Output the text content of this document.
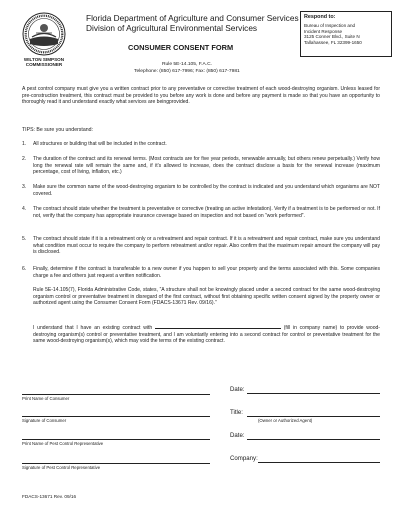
WILTON SIMPSON
COMMISSIONER
Florida Department of Agriculture and Consumer Services
Division of Agricultural Environmental Services
Respond to:
Bureau of Inspection and
Incident Response
3125 Conner Blvd., Suite N
Tallahassee, FL 32399-1650
CONSUMER CONSENT FORM
Rule 5E-14.105, F.A.C.
Telephone: (850) 617-7996; Fax: (850) 617-7981
A pest control company must give you a written contract prior to any preventative or corrective treatment of each wood-destroying organism. Unless leased for pre-construction treatment, this contract must be provided to you before any work is done and before any payment is made so that you have an opportunity to thoroughly read it and understand exactly what services are beingprovided.
TIPS: Be sure you understand:
1. All structures or building that will be included in the contract.
2. The duration of the contract and its renewal terms. (Most contracts are for five year periods, renewable annually, but others renew perpetually.) Verify how long the renewal rate will remain the same and, if it's allowed to increase, does the contract disclose a basis for the renewal increase (maximum percentage, cost of living, inflation, etc.)
3. Make sure the common name of the wood-destroying organism to be controlled by the contract is indicated and you understand which organisms are NOT covered.
4. The contract should state whether the treatment is preventative or corrective (treating an active infestation). Verify if a treatment is to be performed or not. If not, verify that the company has appropriate insurance coverage based on inspection and not based on “work performed”.
5. The contract should state if it is a retreatment only or a retreatment and repair contract. If it is a retreatment and repair contract, make sure you understand what condition must occur to require the company to perform retreatment and/or repair. Also confirm that the maximum repair amount the company will pay is disclosed.
6. Finally, determine if the contract is transferable to a new owner if you happen to sell your property and the terms associated with this. Some companies charge a fee and others just request a written notification.
Rule 5E-14.105(7), Florida Administrative Code, states, “A structure shall not be knowingly placed under a second contract for the same wood-destroying organism control or preventative treatment in disregard of the first contract, without first obtaining specific written consent signed by the property owner or authorized agent using the Consumer Consent Form (FDACS-13671 Rev. 09/16).”
I understand that I have an existing contract with	(fill in company name) to provide wood-destroying organism(s) control or preventative treatment, and I am voluntarily entering into a second contract for control or preventative treatment for the same wood-destroying organism(s), which may void the terms of the existing contract.
Print Name of Consumer
Date:
Signature of Consumer
Title:
(Owner or Authorized Agent)
Print Name of Pest Control Representative
Date:
Signature of Pest Control Representative
Company:
FDACS-13671 Rev. 09/16
